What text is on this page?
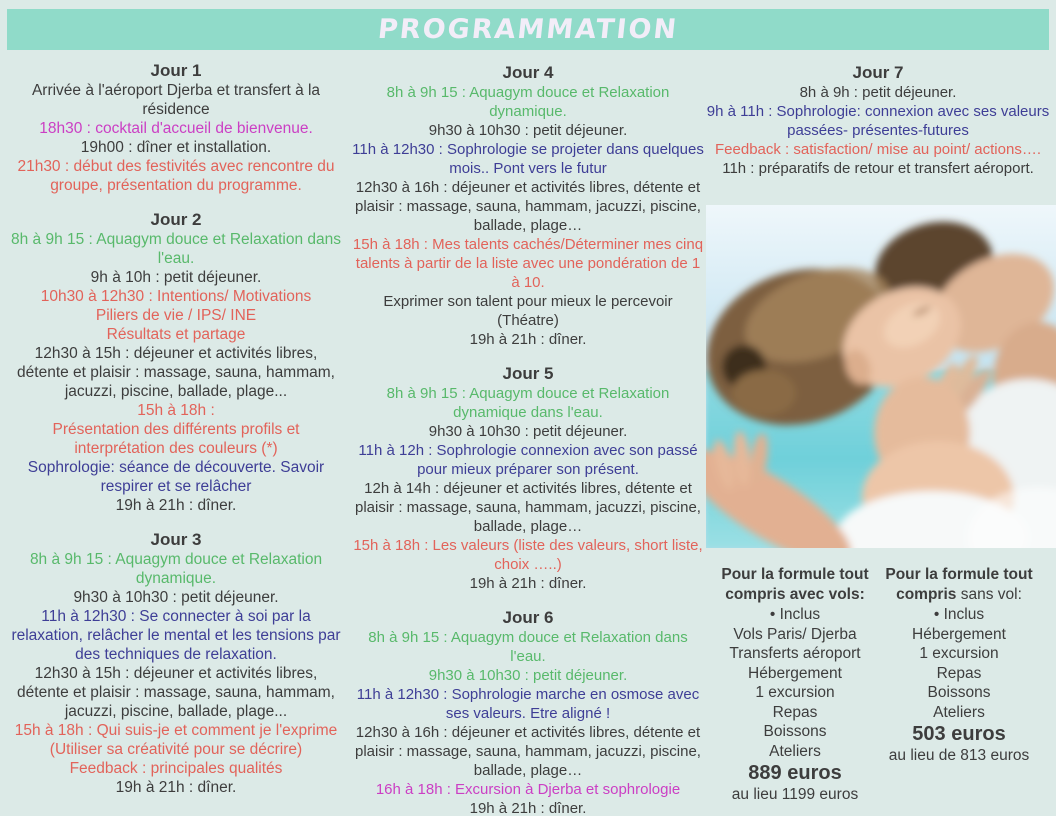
PROGRAMMATION
Jour 1

Arrivée à l'aéroport Djerba et transfert à la résidence

18h30 : cocktail d'accueil de bienvenue.

19h00 : dîner et installation.

21h30 : début des festivités avec rencontre du groupe, présentation du programme.

Jour 2

8h à 9h 15 : Aquagym douce et Relaxation dans l'eau.

9h à 10h : petit déjeuner.

10h30 à 12h30 : Intentions/ Motivations

Piliers de vie / IPS/ INE

Résultats et partage

12h30 à 15h : déjeuner et activités libres, détente et plaisir : massage, sauna, hammam, jacuzzi, piscine, ballade, plage...

15h à 18h :

Présentation des différents profils et interprétation des couleurs (*)

Sophrologie: séance de découverte. Savoir respirer et se relâcher

19h à 21h : dîner.

Jour 3

8h à 9h 15 : Aquagym douce et Relaxation dynamique.

9h30 à 10h30 : petit déjeuner.

11h à 12h30 : Se connecter à soi par la relaxation, relâcher le mental et les tensions par des techniques de relaxation.

12h30 à 15h : déjeuner et activités libres, détente et plaisir : massage, sauna, hammam, jacuzzi, piscine, ballade, plage...

15h à 18h : Qui suis-je et comment je l'exprime (Utiliser sa créativité pour se décrire)

Feedback : principales qualités

19h à 21h : dîner.

Jour 4

8h à 9h 15 : Aquagym douce et Relaxation dynamique.

9h30 à 10h30 : petit déjeuner.

11h à 12h30 : Sophrologie se projeter dans quelques mois.. Pont vers le futur

12h30 à 16h : déjeuner et activités libres, détente et plaisir : massage, sauna, hammam, jacuzzi, piscine, ballade, plage…

15h à 18h : Mes talents cachés/Déterminer mes cinq talents à partir de la liste avec une pondération de 1 à 10.

Exprimer son talent pour mieux le percevoir (Théatre)

19h à 21h : dîner.

Jour 5

8h à 9h 15 : Aquagym douce et Relaxation dynamique dans l'eau.

9h30 à 10h30 : petit déjeuner.

11h à 12h : Sophrologie connexion avec son passé pour mieux préparer son présent.

12h à 14h : déjeuner et activités libres, détente et plaisir : massage, sauna, hammam, jacuzzi, piscine, ballade, plage…

15h à 18h : Les valeurs (liste des valeurs, short liste, choix …..)

19h à 21h : dîner.

Jour 6

8h à 9h 15 : Aquagym douce et Relaxation dans l'eau.

9h30 à 10h30 : petit déjeuner.

11h à 12h30 : Sophrologie marche en osmose avec ses valeurs. Etre aligné !

12h30 à 16h : déjeuner et activités libres, détente et plaisir : massage, sauna, hammam, jacuzzi, piscine, ballade, plage…

16h à 18h : Excursion à Djerba et sophrologie

19h à 21h : dîner.

Jour 7

8h à 9h : petit déjeuner.

9h à 11h : Sophrologie: connexion avec ses valeurs passées- présentes-futures

Feedback : satisfaction/ mise au point/ actions….

11h : préparatifs de retour et transfert aéroport.

Pour la formule tout compris avec vols:

• Inclus

Vols Paris/ Djerba

Transferts aéroport

Hébergement

1 excursion

Repas

Boissons

Ateliers

889 euros

au lieu 1199 euros

Pour la formule tout compris sans vol:

• Inclus

Hébergement

1 excursion

Repas

Boissons

Ateliers

503 euros

au lieu de 813 euros
